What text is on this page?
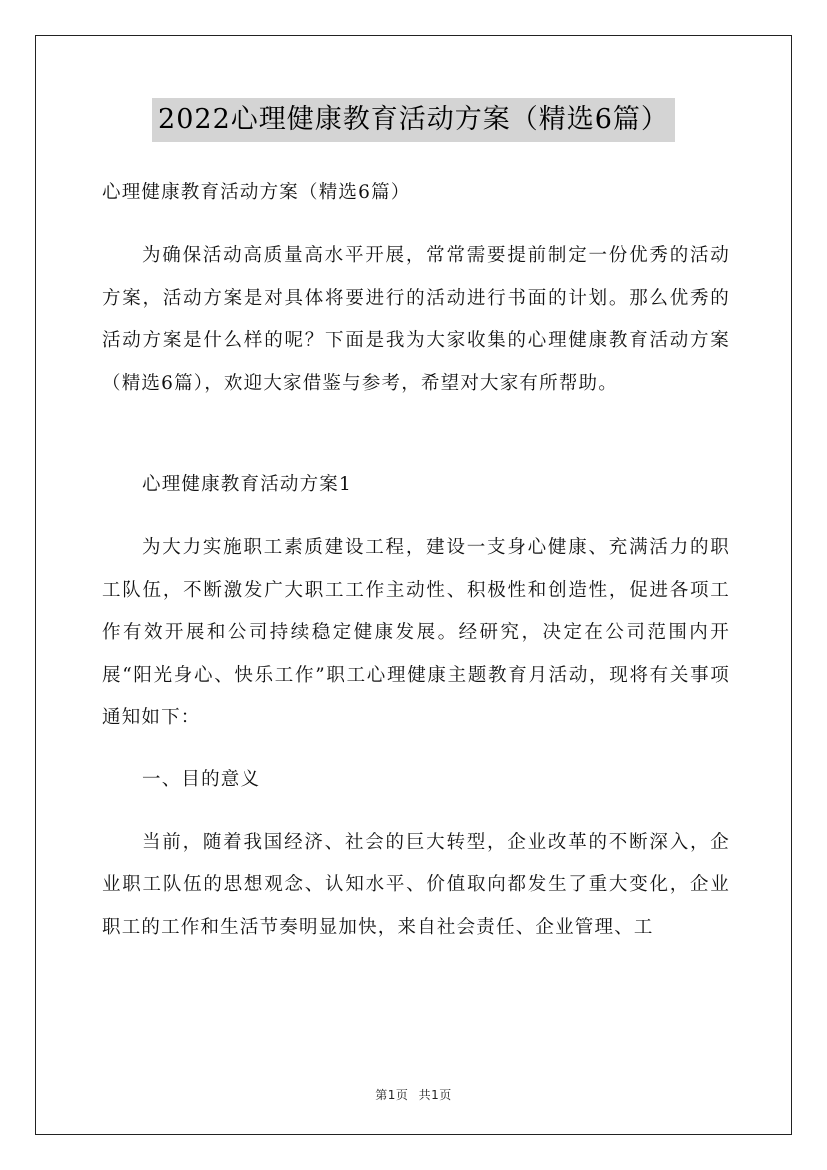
2022心理健康教育活动方案（精选6篇）

心理健康教育活动方案（精选6篇）

为确保活动高质量高水平开展，常常需要提前制定一份优秀的活动方案，活动方案是对具体将要进行的活动进行书面的计划。那么优秀的活动方案是什么样的呢？下面是我为大家收集的心理健康教育活动方案（精选6篇），欢迎大家借鉴与参考，希望对大家有所帮助。

心理健康教育活动方案1

为大力实施职工素质建设工程，建设一支身心健康、充满活力的职工队伍，不断激发广大职工工作主动性、积极性和创造性，促进各项工作有效开展和公司持续稳定健康发展。经研究，决定在公司范围内开展“阳光身心、快乐工作”职工心理健康主题教育月活动，现将有关事项通知如下：

一、目的意义

当前，随着我国经济、社会的巨大转型，企业改革的不断深入，企业职工队伍的思想观念、认知水平、价值取向都发生了重大变化，企业职工的工作和生活节奏明显加快，来自社会责任、企业管理、工

第1页 共1页
